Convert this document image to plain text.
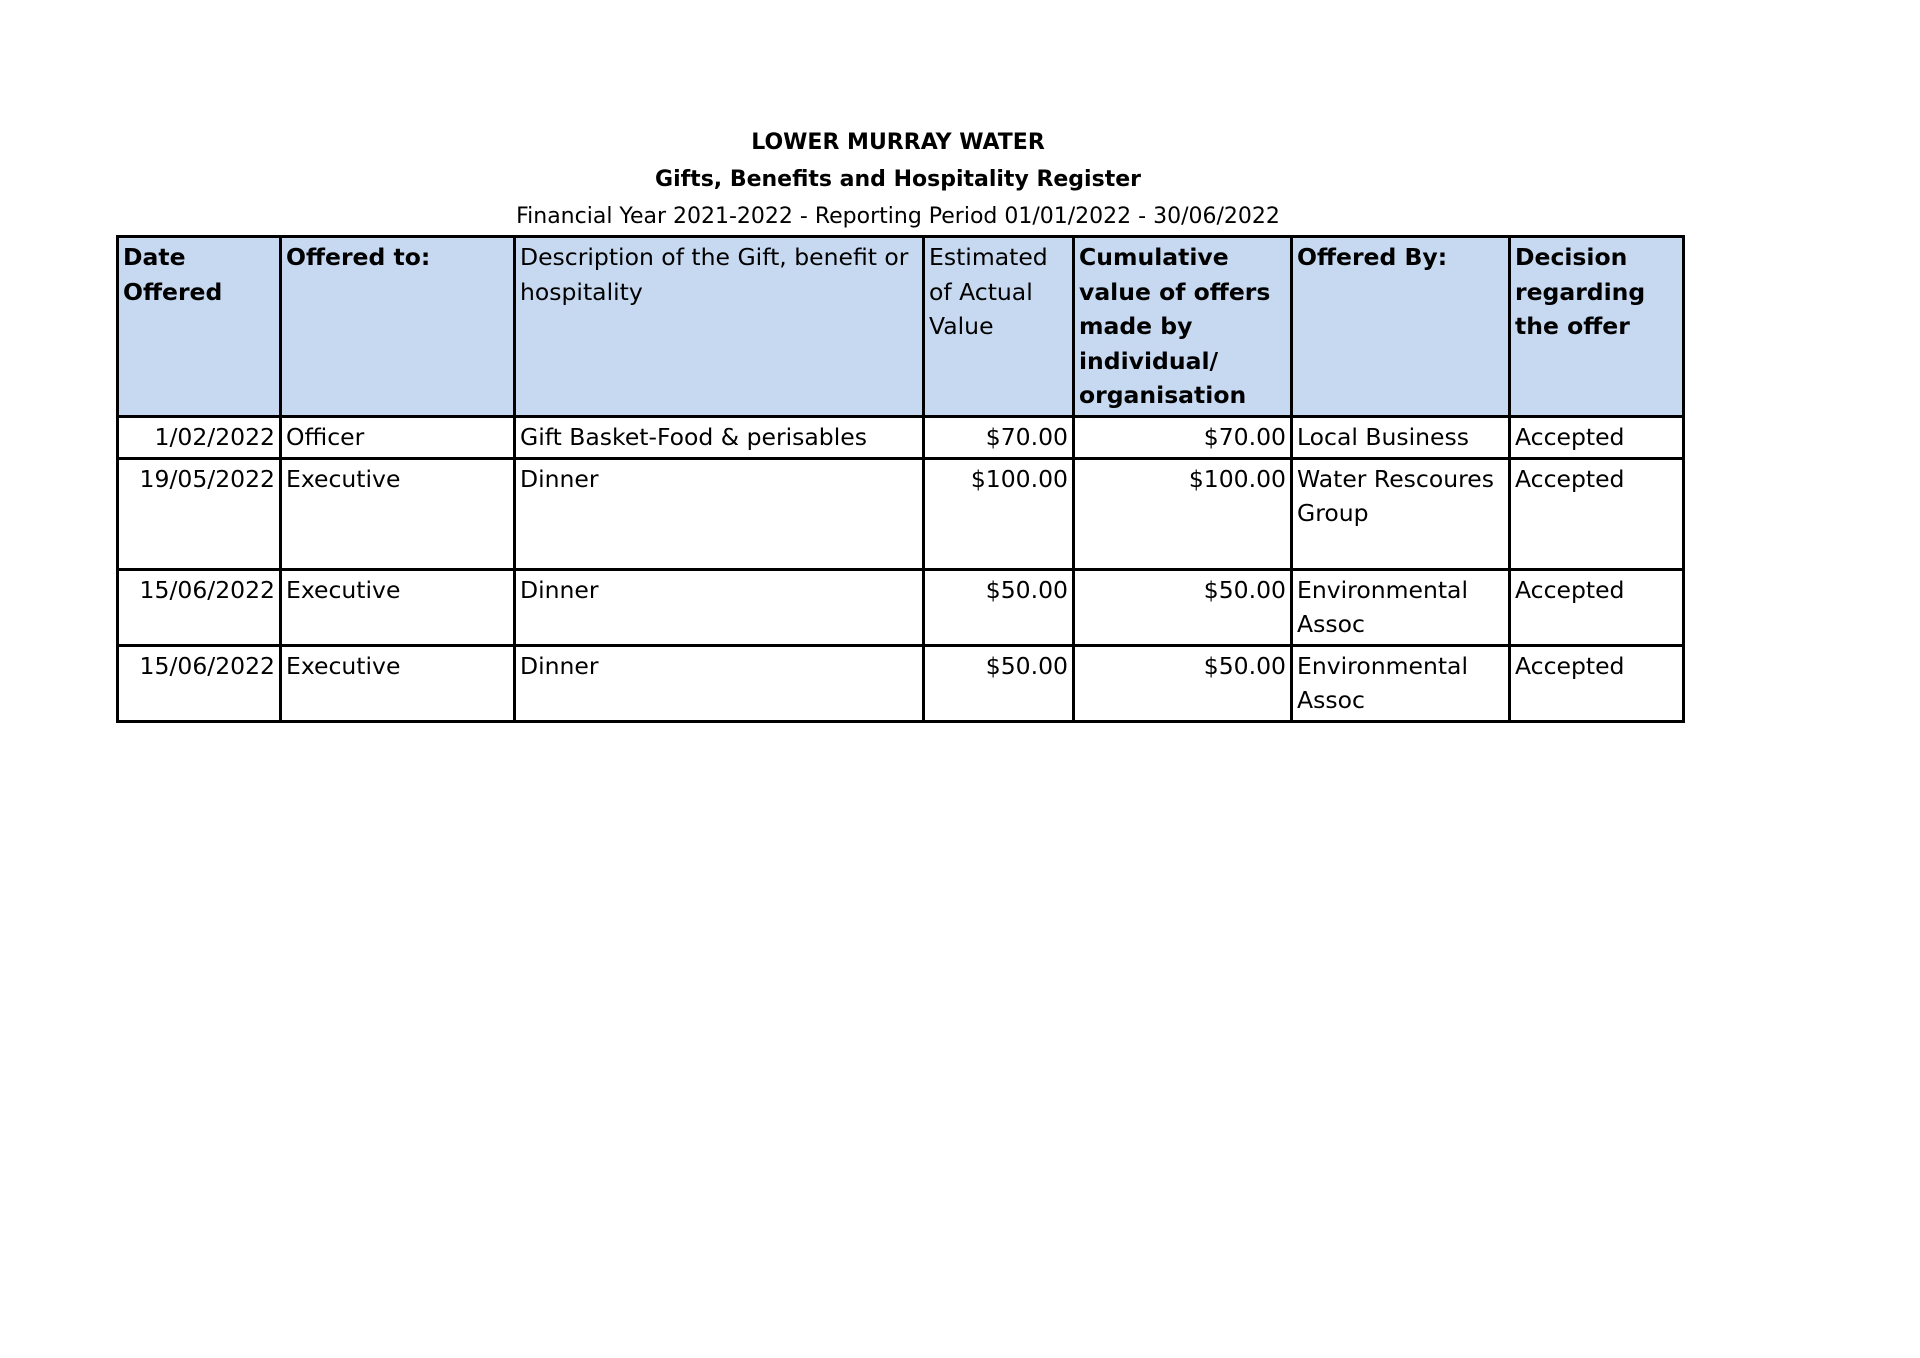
LOWER MURRAY WATER
Gifts, Benefits and Hospitality Register
Financial Year 2021-2022 - Reporting Period 01/01/2022 - 30/06/2022
Date Offered	Offered to:	Description of the Gift, benefit or hospitality	Estimated of Actual Value	Cumulative value of offers made by individual/ organisation	Offered By:	Decision regarding the offer
1/02/2022	Officer	Gift Basket-Food & perisables	$70.00	$70.00	Local Business	Accepted
19/05/2022	Executive	Dinner	$100.00	$100.00	Water Rescoures Group	Accepted
15/06/2022	Executive	Dinner	$50.00	$50.00	Environmental Assoc	Accepted
15/06/2022	Executive	Dinner	$50.00	$50.00	Environmental Assoc	Accepted
